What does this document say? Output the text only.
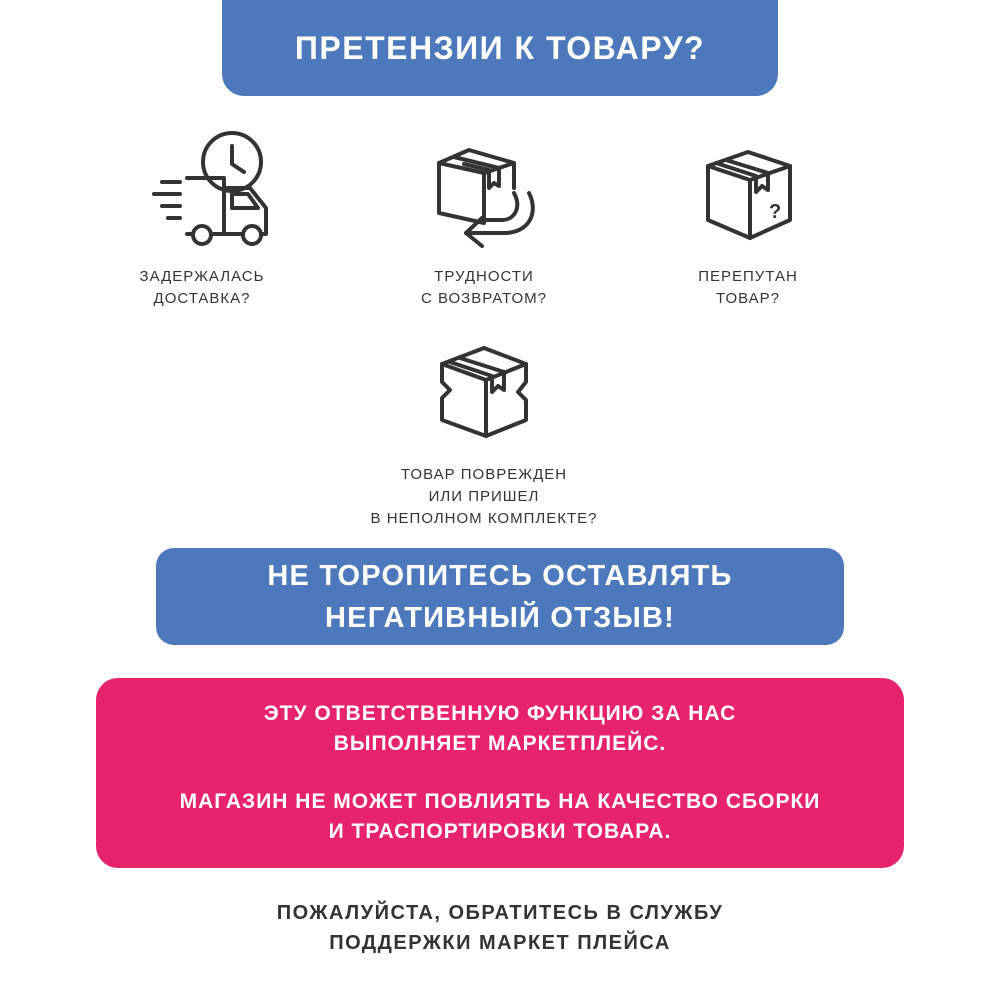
ПРЕТЕНЗИИ К ТОВАРУ?
ЗАДЕРЖАЛАСЬ
ДОСТАВКА?
ТРУДНОСТИ
С ВОЗВРАТОМ?
?
ПЕРЕПУТАН
ТОВАР?
ТОВАР ПОВРЕЖДЕН
ИЛИ ПРИШЕЛ
В НЕПОЛНОМ КОМПЛЕКТЕ?
НЕ ТОРОПИТЕСЬ ОСТАВЛЯТЬ
НЕГАТИВНЫЙ ОТЗЫВ!
ЭТУ ОТВЕТСТВЕННУЮ ФУНКЦИЮ ЗА НАС
ВЫПОЛНЯЕТ МАРКЕТПЛЕЙС.
МАГАЗИН НЕ МОЖЕТ ПОВЛИЯТЬ НА КАЧЕСТВО СБОРКИ
И ТРАСПОРТИРОВКИ ТОВАРА.
ПОЖАЛУЙСТА, ОБРАТИТЕСЬ В СЛУЖБУ
ПОДДЕРЖКИ МАРКЕТ ПЛЕЙСА
